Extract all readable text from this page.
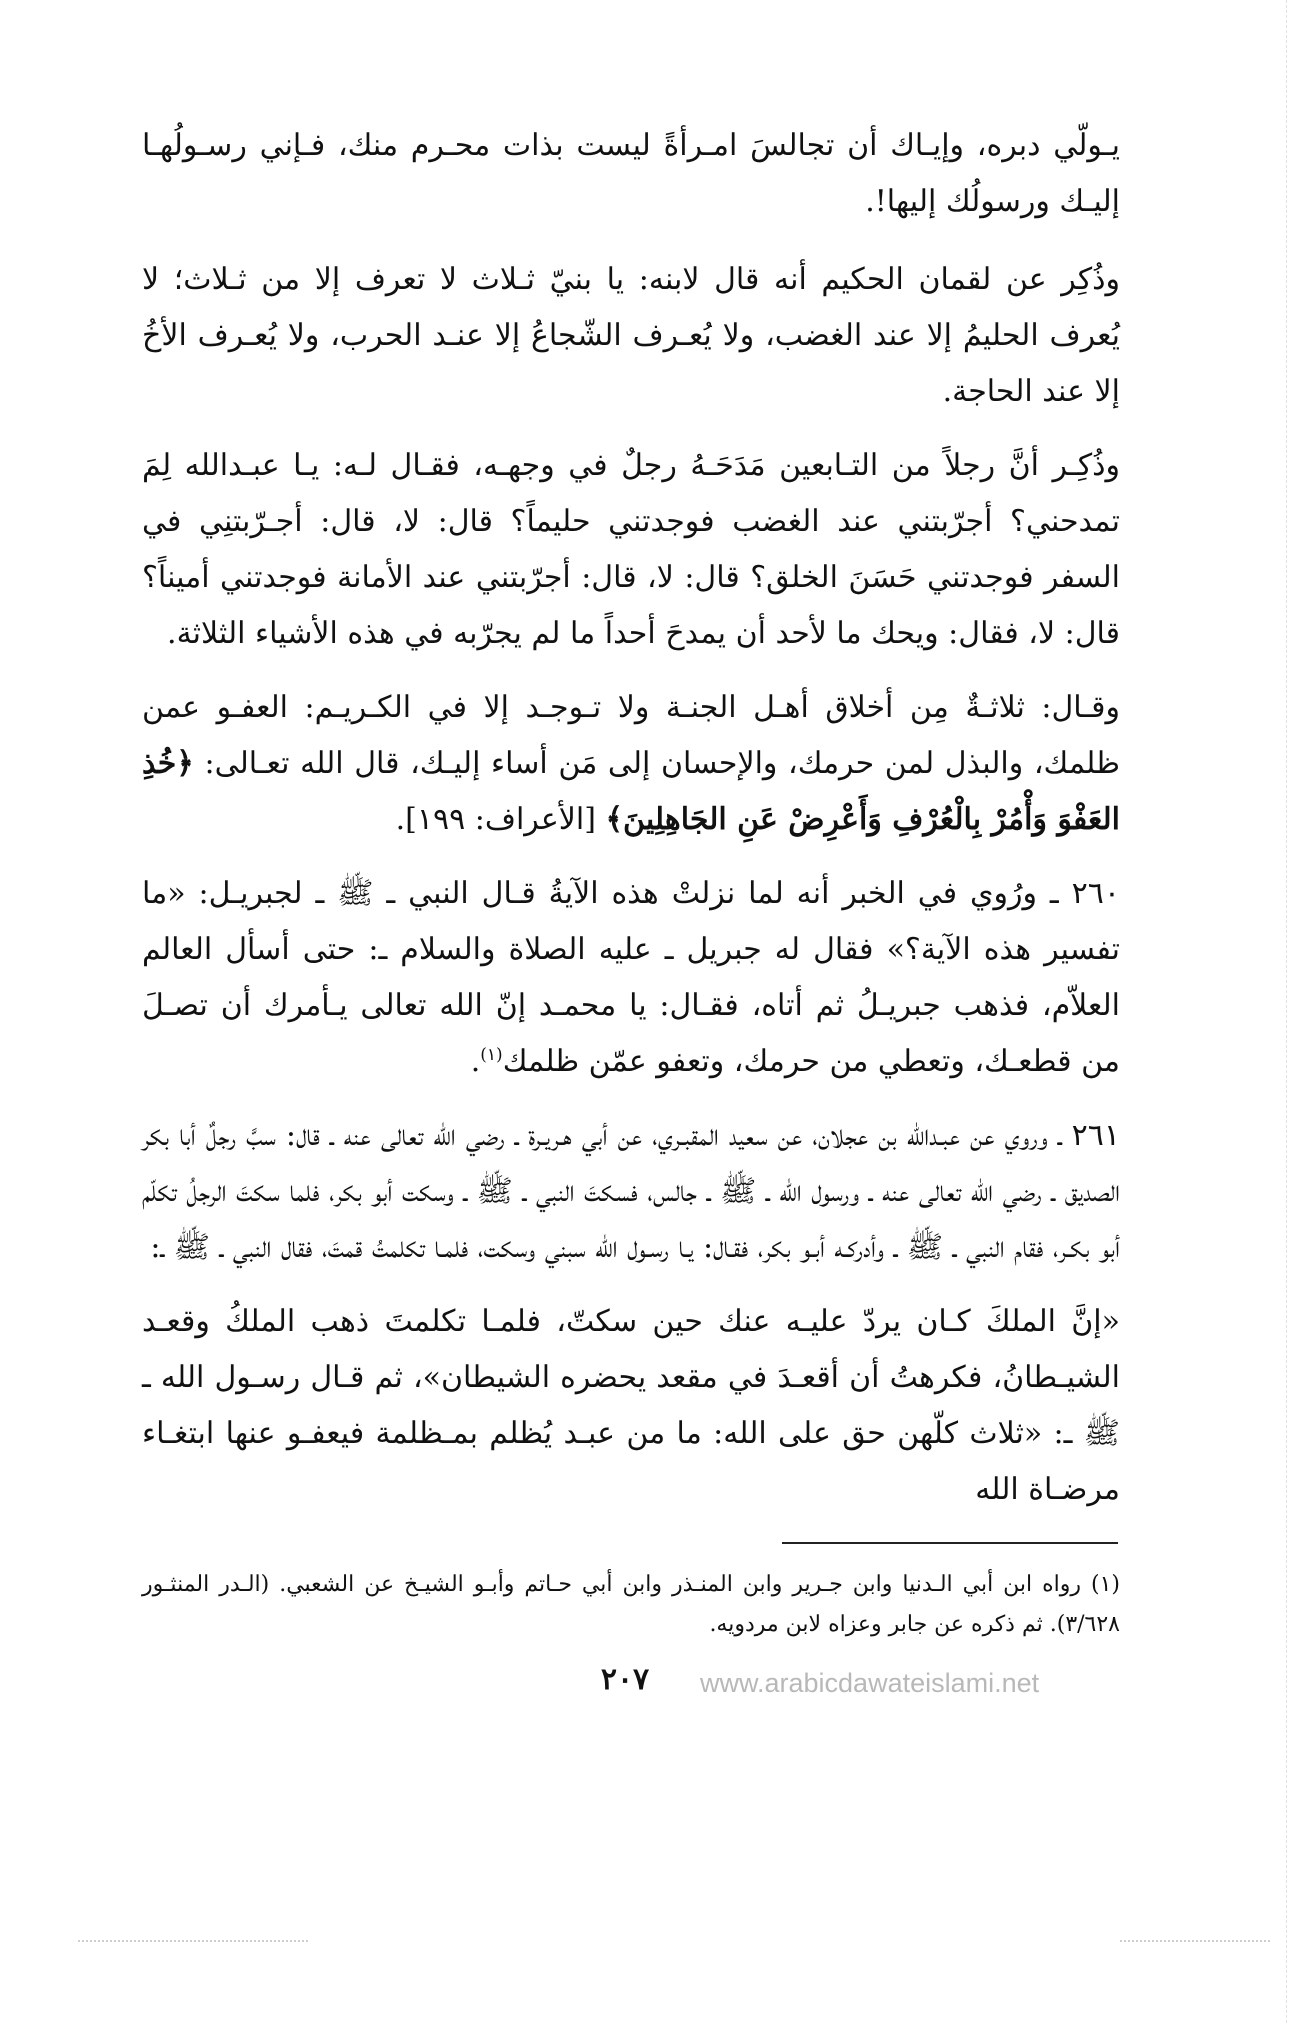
يـولّي دبره، وإيـاك أن تجالسَ امـرأةً ليست بذات محـرم منك، فـإني رسـولُهـا إليـك ورسولُك إليها!.

وذُكِر عن لقمان الحكيم أنه قال لابنه: يا بنيّ ثـلاث لا تعرف إلا من ثـلاث؛ لا يُعرف الحليمُ إلا عند الغضب، ولا يُعـرف الشّجاعُ إلا عنـد الحرب، ولا يُعـرف الأخُ إلا عند الحاجة.

وذُكِـر أنَّ رجلاً من التـابعين مَدَحَـهُ رجلٌ في وجهـه، فقـال لـه: يـا عبـدالله لِمَ تمدحني؟ أجرّبتني عند الغضب فوجدتني حليماً؟ قال: لا، قال: أجـرّبتنِي في السفر فوجدتني حَسَنَ الخلق؟ قال: لا، قال: أجرّبتني عند الأمانة فوجدتني أميناً؟ قال: لا، فقال: ويحك ما لأحد أن يمدحَ أحداً ما لم يجرّبه في هذه الأشياء الثلاثة.

وقـال: ثلاثـةٌ مِن أخلاق أهـل الجنـة ولا تـوجـد إلا في الكـريـم: العفـو عمن ظلمك، والبذل لمن حرمك، والإحسان إلى مَن أساء إليـك، قال الله تعـالى: ﴿خُذِ العَفْوَ وَأْمُرْ بِالْعُرْفِ وَأَعْرِضْ عَنِ الجَاهِلِينَ﴾ [الأعراف: ١٩٩].

٢٦٠ ـ ورُوي في الخبر أنه لما نزلتْ هذه الآيةُ قـال النبي ـ ﷺ ـ لجبريـل: «ما تفسير هذه الآية؟» فقال له جبريل ـ عليه الصلاة والسلام ـ: حتى أسأل العالم العلاّم، فذهب جبريـلُ ثم أتاه، فقـال: يا محمـد إنّ الله تعالى يـأمرك أن تصـلَ من قطعـك، وتعطي من حرمك، وتعفو عمّن ظلمك$^{(١)}$.

٢٦١ ـ وروي عن عبـدالله بن عجلان، عن سعيد المقبـري، عن أبي هـريـرة ـ رضي الله تعالى عنه ـ قال: سبَّ رجلٌ أبا بكر الصديق ـ رضي الله تعالى عنه ـ ورسول الله ـ ﷺ ـ جالس، فسكتَ النبي ـ ﷺ ـ وسكت أبو بكر، فلما سكتَ الرجلُ تكلّم أبو بكـر، فقام النبي ـ ﷺ ـ وأدركـه أبـو بكر، فقـال: يـا رسـول الله سبني وسكت، فلمـا تكلمتُ قمتَ، فقال النبي ـ ﷺ ـ:

«إنَّ الملكَ كـان يردّ عليـه عنك حين سكتّ، فلمـا تكلمتَ ذهب الملكُ وقعـد الشيـطانُ، فكرهتُ أن أقعـدَ في مقعد يحضره الشيطان»، ثم قـال رسـول الله ـ ﷺ ـ: «ثلاث كلّهن حق على الله: ما من عبـد يُظلم بمـظلمة فيعفـو عنها ابتغـاء مرضـاة الله

(١) رواه ابن أبي الـدنيا وابن جـرير وابن المنـذر وابن أبي حـاتم وأبـو الشيـخ عن الشعبي. (الـدر المنثـور ٣/٦٢٨). ثم ذكره عن جابر وعزاه لابن مردويه.

٢٠٧	www.arabicdawateislami.net
